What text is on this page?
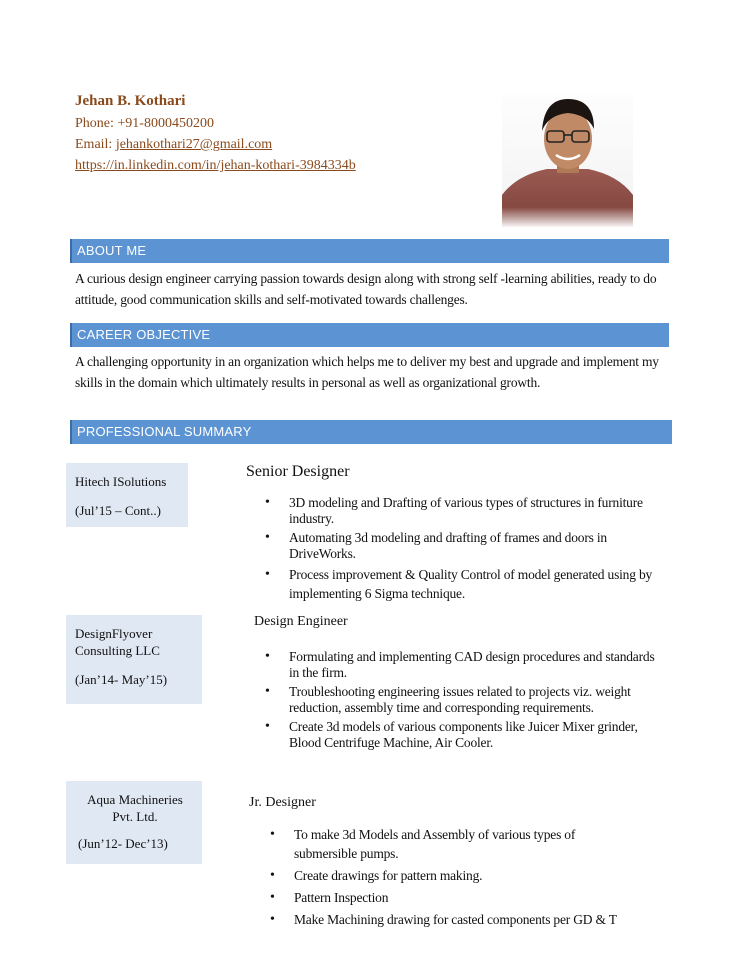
Jehan B. Kothari
Phone: +91-8000450200
Email: jehankothari27@gmail.com
https://in.linkedin.com/in/jehan-kothari-3984334b
ABOUT ME
A curious design engineer carrying passion towards design along with strong self -learning abilities, ready to do attitude, good communication skills and self-motivated towards challenges.
CAREER OBJECTIVE
A challenging opportunity in an organization which helps me to deliver my best and upgrade and implement my skills in the domain which ultimately results in personal as well as organizational growth.
PROFESSIONAL SUMMARY
Hitech ISolutions
(Jul’15 – Cont..)
Senior Designer
• 3D modeling and Drafting of various types of structures in furniture industry.
• Automating 3d modeling and drafting of frames and doors in DriveWorks.
• Process improvement & Quality Control of model generated using by implementing 6 Sigma technique.
DesignFlyover Consulting LLC
(Jan’14- May’15)
Design Engineer
• Formulating and implementing CAD design procedures and standards in the firm.
• Troubleshooting engineering issues related to projects viz. weight reduction, assembly time and corresponding requirements.
• Create 3d models of various components like Juicer Mixer grinder, Blood Centrifuge Machine, Air Cooler.
Aqua Machineries Pvt. Ltd.
(Jun’12- Dec’13)
Jr. Designer
• To make 3d Models and Assembly of various types of submersible pumps.
• Create drawings for pattern making.
• Pattern Inspection
• Make Machining drawing for casted components per GD & T
